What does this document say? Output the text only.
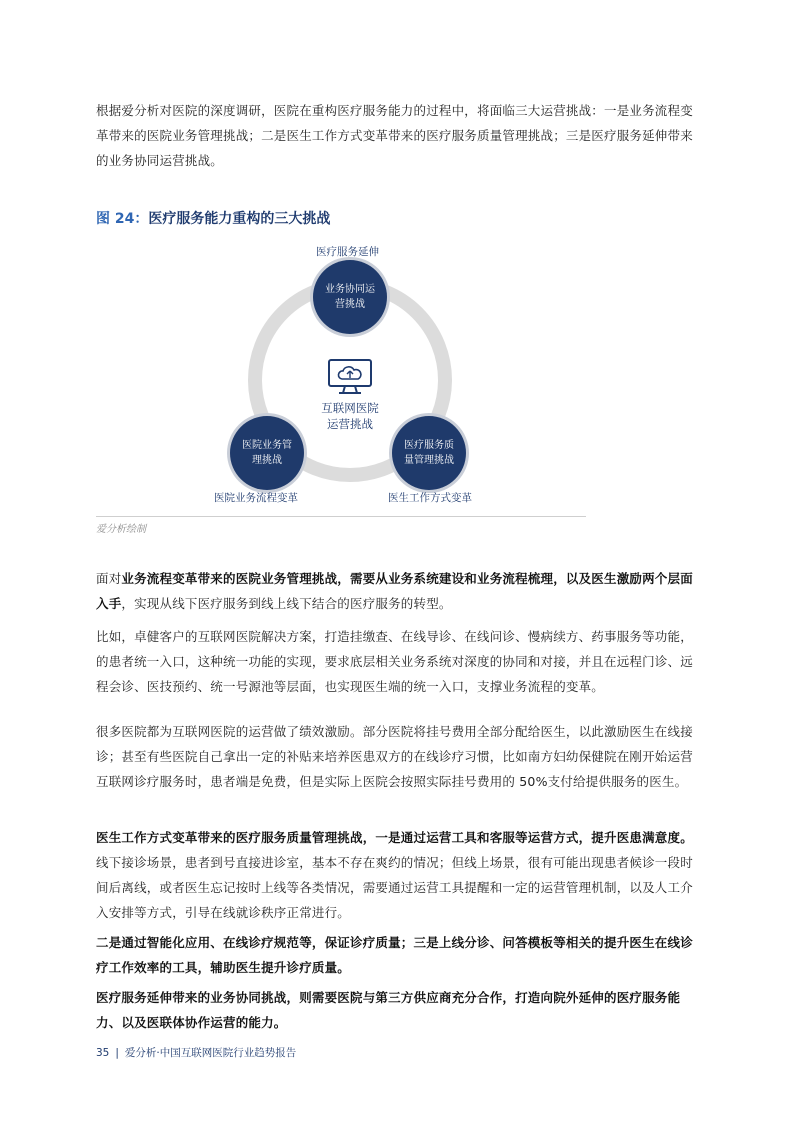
根据爱分析对医院的深度调研，医院在重构医疗服务能力的过程中，将面临三大运营挑战：一是业务流程变革带来的医院业务管理挑战；二是医生工作方式变革带来的医疗服务质量管理挑战；三是医疗服务延伸带来的业务协同运营挑战。

图 24：医疗服务能力重构的三大挑战
医疗服务延伸
业务协同运营挑战
互联网医院
运营挑战
医院业务管理挑战
医疗服务质量管理挑战
医院业务流程变革	医生工作方式变革
爱分析绘制

面对业务流程变革带来的医院业务管理挑战，需要从业务系统建设和业务流程梳理，以及医生激励两个层面入手，实现从线下医疗服务到线上线下结合的医疗服务的转型。

比如，卓健客户的互联网医院解决方案，打造挂缴查、在线导诊、在线问诊、慢病续方、药事服务等功能，的患者统一入口，这种统一功能的实现，要求底层相关业务系统对深度的协同和对接，并且在远程门诊、远程会诊、医技预约、统一号源池等层面，也实现医生端的统一入口，支撑业务流程的变革。

很多医院都为互联网医院的运营做了绩效激励。部分医院将挂号费用全部分配给医生，以此激励医生在线接诊；甚至有些医院自己拿出一定的补贴来培养医患双方的在线诊疗习惯，比如南方妇幼保健院在刚开始运营互联网诊疗服务时，患者端是免费，但是实际上医院会按照实际挂号费用的 50%支付给提供服务的医生。

医生工作方式变革带来的医疗服务质量管理挑战，一是通过运营工具和客服等运营方式，提升医患满意度。线下接诊场景，患者到号直接进诊室，基本不存在爽约的情况；但线上场景，很有可能出现患者候诊一段时间后离线，或者医生忘记按时上线等各类情况，需要通过运营工具提醒和一定的运营管理机制，以及人工介入安排等方式，引导在线就诊秩序正常进行。

二是通过智能化应用、在线诊疗规范等，保证诊疗质量；三是上线分诊、问答模板等相关的提升医生在线诊疗工作效率的工具，辅助医生提升诊疗质量。

医疗服务延伸带来的业务协同挑战，则需要医院与第三方供应商充分合作，打造向院外延伸的医疗服务能力、以及医联体协作运营的能力。

35 | 爱分析·中国互联网医院行业趋势报告
